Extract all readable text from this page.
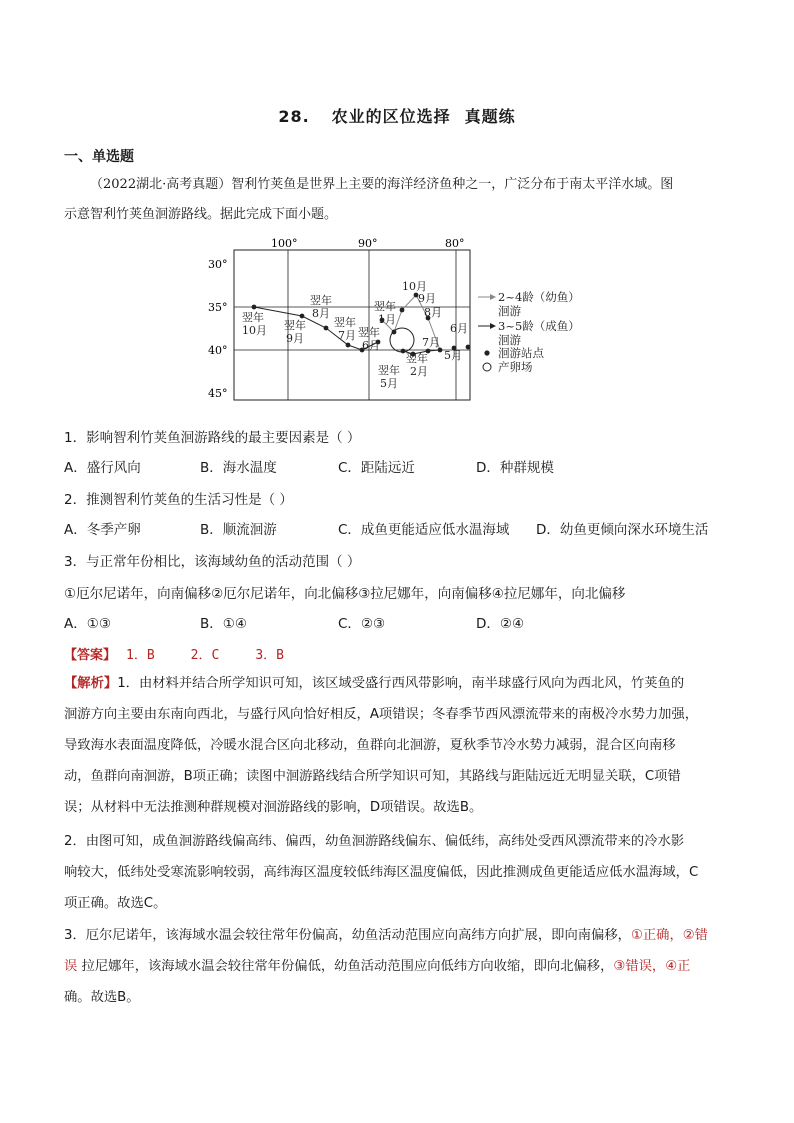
28. 农业的区位选择 真题练
一、单选题

（2022湖北·高考真题）智利竹荚鱼是世界上主要的海洋经济鱼种之一，广泛分布于南太平洋水域。图

示意智利竹荚鱼洄游路线。据此完成下面小题。
100°	90°	80°
30°
35°
40°
45°
翌年
10月 翌年
9月
翌年
8月
翌年
7月 翌年
6月
翌年
1月
10月
9月
8月
6月
7月
5月
翌年
2月
翌年
5月
2~4龄（幼鱼）
洄游
3~5龄（成鱼）
洄游
洄游站点
产卵场
1．影响智利竹荚鱼洄游路线的最主要因素是（ ）
A．盛行风向	B．海水温度	C．距陆远近	D．种群规模
2．推测智利竹荚鱼的生活习性是（ ）
A．冬季产卵	B．顺流洄游	C．成鱼更能适应低水温海域 D．幼鱼更倾向深水环境生活
3．与正常年份相比，该海域幼鱼的活动范围（ ）
①厄尔尼诺年，向南偏移②厄尔尼诺年，向北偏移③拉尼娜年，向南偏移④拉尼娜年，向北偏移
A．①③	B．①④	C．②③	D．②④
【答案】 1．B	2．C	3．B

【解析】1．由材料并结合所学知识可知，该区域受盛行西风带影响，南半球盛行风向为西北风，竹荚鱼的

洄游方向主要由东南向西北，与盛行风向恰好相反，A项错误；冬春季节西风漂流带来的南极冷水势力加强，

导致海水表面温度降低，冷暖水混合区向北移动，鱼群向北洄游，夏秋季节冷水势力减弱，混合区向南移

动，鱼群向南洄游，B项正确；读图中洄游路线结合所学知识可知，其路线与距陆远近无明显关联，C项错

误；从材料中无法推测种群规模对洄游路线的影响，D项错误。故选B。

2．由图可知，成鱼洄游路线偏高纬、偏西，幼鱼洄游路线偏东、偏低纬，高纬处受西风漂流带来的冷水影

响较大，低纬处受寒流影响较弱，高纬海区温度较低纬海区温度偏低，因此推测成鱼更能适应低水温海域，C

项正确。故选C。

3．厄尔尼诺年，该海域水温会较往常年份偏高，幼鱼活动范围应向高纬方向扩展，即向南偏移，①正确，②错

误 拉尼娜年，该海域水温会较往常年份偏低，幼鱼活动范围应向低纬方向收缩，即向北偏移，③错误，④正

确。故选B。
